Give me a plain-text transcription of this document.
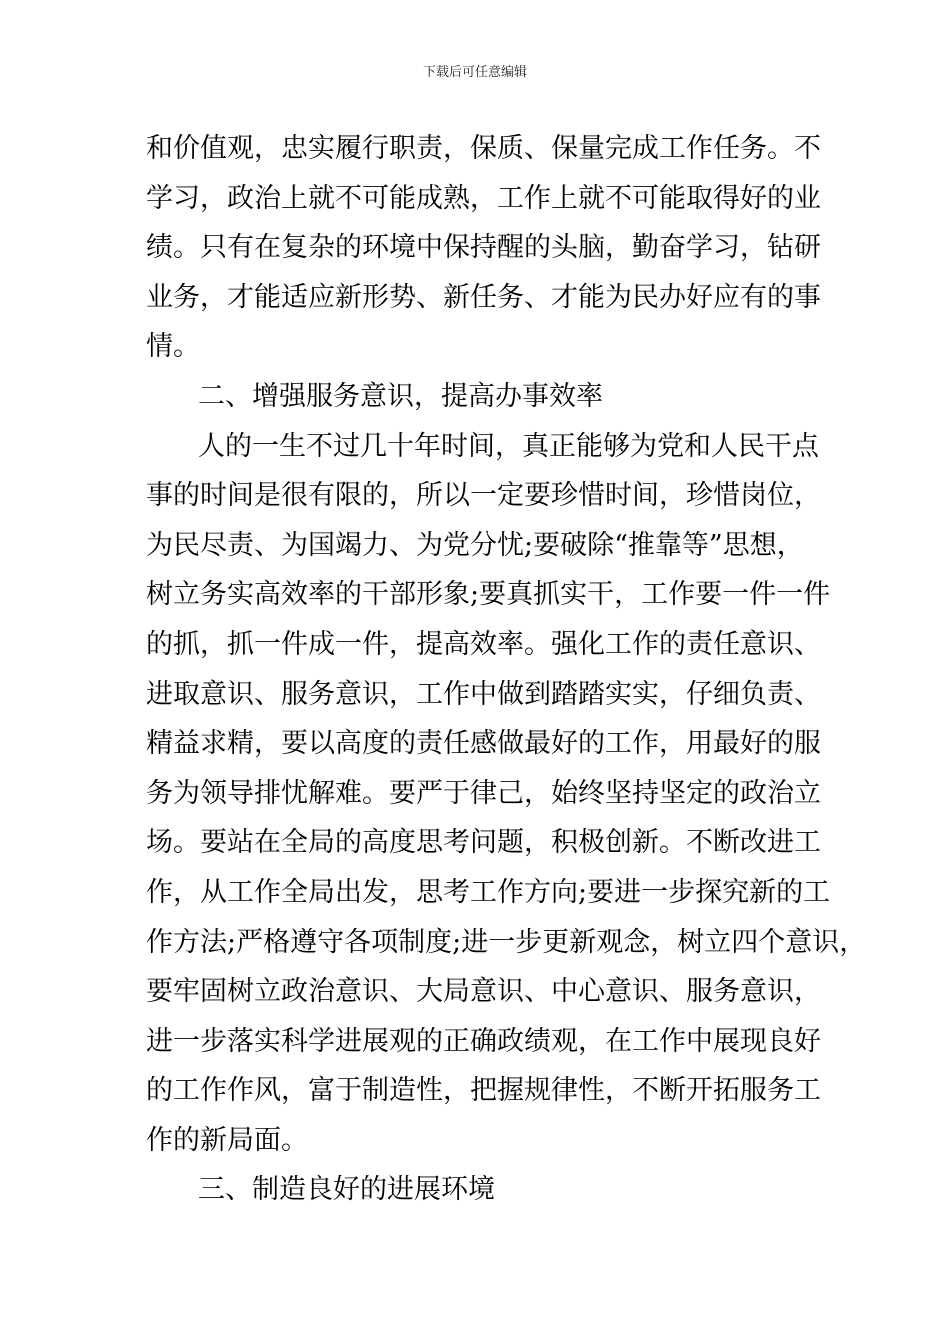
下载后可任意编辑
和价值观，忠实履行职责，保质、保量完成工作任务。不
学习，政治上就不可能成熟，工作上就不可能取得好的业
绩。只有在复杂的环境中保持醒的头脑，勤奋学习，钻研
业务，才能适应新形势、新任务、才能为民办好应有的事
情。
二、增强服务意识，提高办事效率
人的一生不过几十年时间，真正能够为党和人民干点
事的时间是很有限的，所以一定要珍惜时间，珍惜岗位，
为民尽责、为国竭力、为党分忧;要破除“推靠等”思想，
树立务实高效率的干部形象;要真抓实干，工作要一件一件
的抓，抓一件成一件，提高效率。强化工作的责任意识、
进取意识、服务意识，工作中做到踏踏实实，仔细负责、
精益求精，要以高度的责任感做最好的工作，用最好的服
务为领导排忧解难。要严于律己，始终坚持坚定的政治立
场。要站在全局的高度思考问题，积极创新。不断改进工
作，从工作全局出发，思考工作方向;要进一步探究新的工
作方法;严格遵守各项制度;进一步更新观念，树立四个意识，
要牢固树立政治意识、大局意识、中心意识、服务意识，
进一步落实科学进展观的正确政绩观，在工作中展现良好
的工作作风，富于制造性，把握规律性，不断开拓服务工
作的新局面。
三、制造良好的进展环境
